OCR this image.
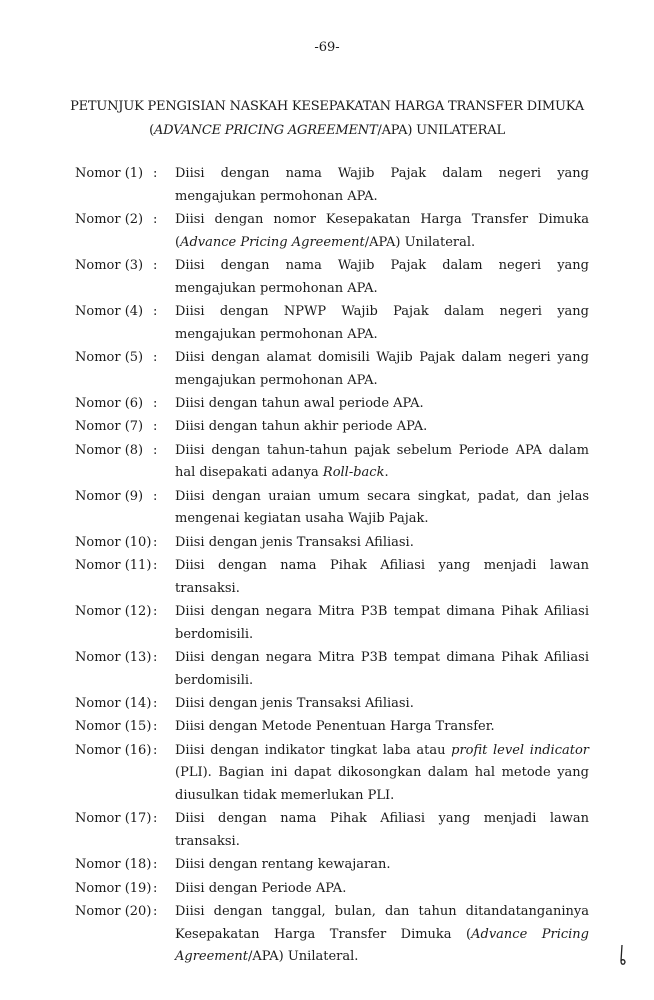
-69-
PETUNJUK PENGISIAN NASKAH KESEPAKATAN HARGA TRANSFER DIMUKA
(ADVANCE PRICING AGREEMENT/APA) UNILATERAL
Nomor (1) :	Diisi dengan nama Wajib Pajak dalam negeri yang mengajukan permohonan APA.
Nomor (2) :	Diisi dengan nomor Kesepakatan Harga Transfer Dimuka (Advance Pricing Agreement/APA) Unilateral.
Nomor (3) :	Diisi dengan nama Wajib Pajak dalam negeri yang mengajukan permohonan APA.
Nomor (4) :	Diisi dengan NPWP Wajib Pajak dalam negeri yang mengajukan permohonan APA.
Nomor (5) :	Diisi dengan alamat domisili Wajib Pajak dalam negeri yang mengajukan permohonan APA.
Nomor (6) :	Diisi dengan tahun awal periode APA.
Nomor (7) :	Diisi dengan tahun akhir periode APA.
Nomor (8) :	Diisi dengan tahun-tahun pajak sebelum Periode APA dalam hal disepakati adanya Roll-back.
Nomor (9) :	Diisi dengan uraian umum secara singkat, padat, dan jelas mengenai kegiatan usaha Wajib Pajak.
Nomor (10) :	Diisi dengan jenis Transaksi Afiliasi.
Nomor (11) :	Diisi dengan nama Pihak Afiliasi yang menjadi lawan transaksi.
Nomor (12) :	Diisi dengan negara Mitra P3B tempat dimana Pihak Afiliasi berdomisili.
Nomor (13) :	Diisi dengan negara Mitra P3B tempat dimana Pihak Afiliasi berdomisili.
Nomor (14) :	Diisi dengan jenis Transaksi Afiliasi.
Nomor (15) :	Diisi dengan Metode Penentuan Harga Transfer.
Nomor (16) :	Diisi dengan indikator tingkat laba atau profit level indicator (PLI). Bagian ini dapat dikosongkan dalam hal metode yang diusulkan tidak memerlukan PLI.
Nomor (17) :	Diisi dengan nama Pihak Afiliasi yang menjadi lawan transaksi.
Nomor (18) :	Diisi dengan rentang kewajaran.
Nomor (19) :	Diisi dengan Periode APA.
Nomor (20) :	Diisi dengan tanggal, bulan, dan tahun ditandatanganinya Kesepakatan Harga Transfer Dimuka (Advance Pricing Agreement/APA) Unilateral.
